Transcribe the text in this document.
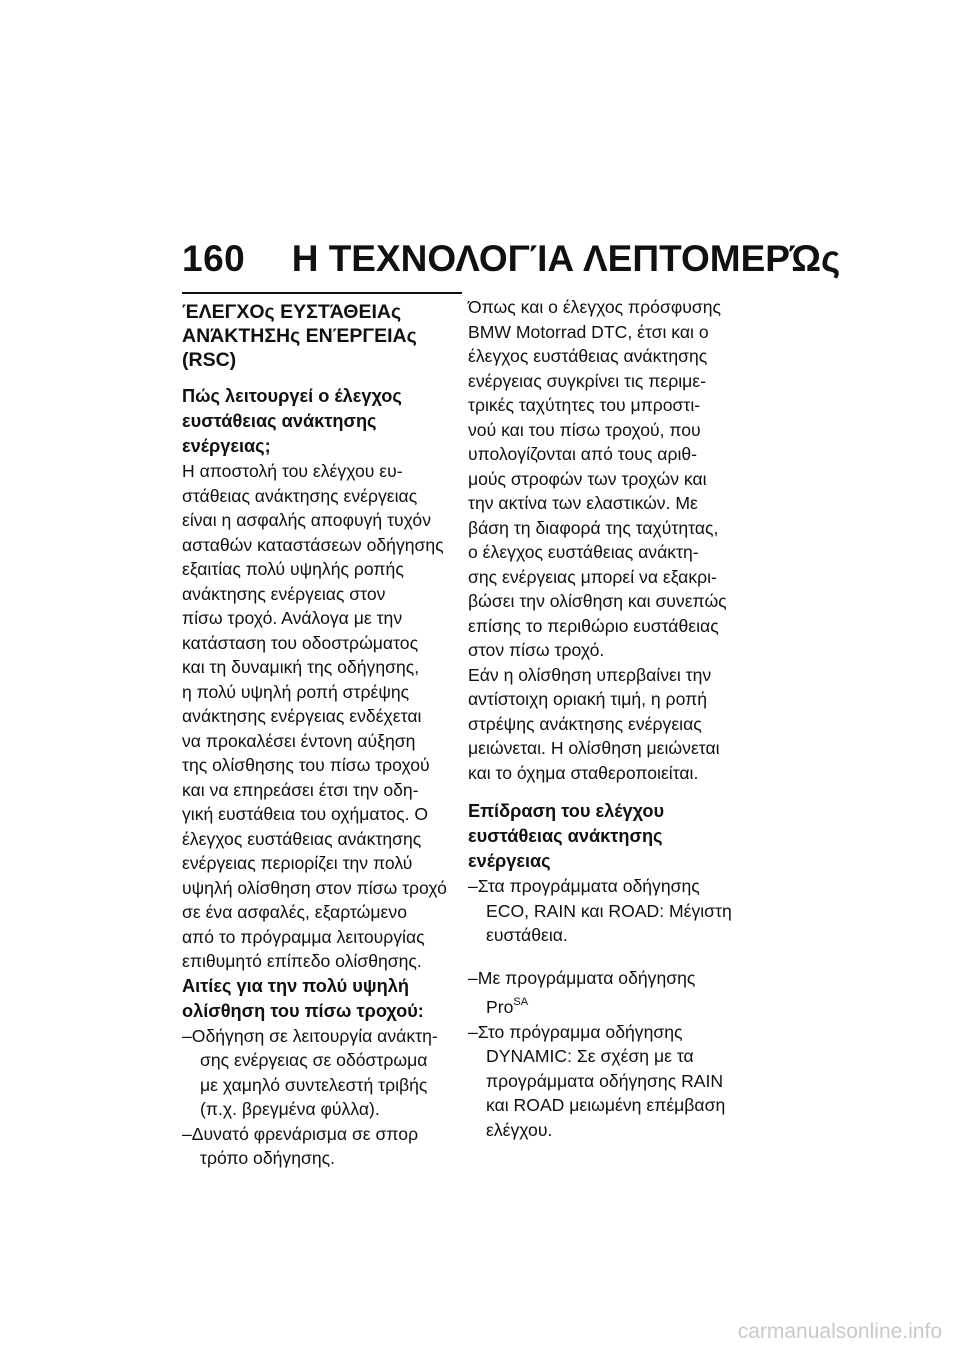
160 Η ΤΕΧΝΟΛΟΓΊΑ ΛΕΠΤΟΜΕΡΏς
ΈΛΕΓΧΟς ΕΥΣΤΆΘΕΙΑς
ΑΝΆΚΤΗΣΗς ΕΝΈΡΓΕΙΑς
(RSC)
Πώς λειτουργεί ο έλεγχος
ευστάθειας ανάκτησης
ενέργειας;
Η αποστολή του ελέγχου ευ-
στάθειας ανάκτησης ενέργειας
είναι η ασφαλής αποφυγή τυχόν
ασταθών καταστάσεων οδήγησης
εξαιτίας πολύ υψηλής ροπής
ανάκτησης ενέργειας στον
πίσω τροχό. Ανάλογα με την
κατάσταση του οδοστρώματος
και τη δυναμική της οδήγησης,
η πολύ υψηλή ροπή στρέψης
ανάκτησης ενέργειας ενδέχεται
να προκαλέσει έντονη αύξηση
της ολίσθησης του πίσω τροχού
και να επηρεάσει έτσι την οδη-
γική ευστάθεια του οχήματος. Ο
έλεγχος ευστάθειας ανάκτησης
ενέργειας περιορίζει την πολύ
υψηλή ολίσθηση στον πίσω τροχό
σε ένα ασφαλές, εξαρτώμενο
από το πρόγραμμα λειτουργίας
επιθυμητό επίπεδο ολίσθησης.
Αιτίες για την πολύ υψηλή
ολίσθηση του πίσω τροχού:
–Οδήγηση σε λειτουργία ανάκτη-
σης ενέργειας σε οδόστρωμα
με χαμηλό συντελεστή τριβής
(π.χ. βρεγμένα φύλλα).
–Δυνατό φρενάρισμα σε σπορ
τρόπο οδήγησης.
Όπως και ο έλεγχος πρόσφυσης
BMW Motorrad DTC, έτσι και ο
έλεγχος ευστάθειας ανάκτησης
ενέργειας συγκρίνει τις περιμε-
τρικές ταχύτητες του μπροστι-
νού και του πίσω τροχού, που
υπολογίζονται από τους αριθ-
μούς στροφών των τροχών και
την ακτίνα των ελαστικών. Με
βάση τη διαφορά της ταχύτητας,
ο έλεγχος ευστάθειας ανάκτη-
σης ενέργειας μπορεί να εξακρι-
βώσει την ολίσθηση και συνεπώς
επίσης το περιθώριο ευστάθειας
στον πίσω τροχό.
Εάν η ολίσθηση υπερβαίνει την
αντίστοιχη οριακή τιμή, η ροπή
στρέψης ανάκτησης ενέργειας
μειώνεται. Η ολίσθηση μειώνεται
και το όχημα σταθεροποιείται.
Επίδραση του ελέγχου
ευστάθειας ανάκτησης
ενέργειας
–Στα προγράμματα οδήγησης
ECO, RAIN και ROAD: Μέγιστη
ευστάθεια.
–Με προγράμματα οδήγησης
Pro$^{SA}$
–Στο πρόγραμμα οδήγησης
DYNAMIC: Σε σχέση με τα
προγράμματα οδήγησης RAIN
και ROAD μειωμένη επέμβαση
ελέγχου.
carmanualsonline.info
